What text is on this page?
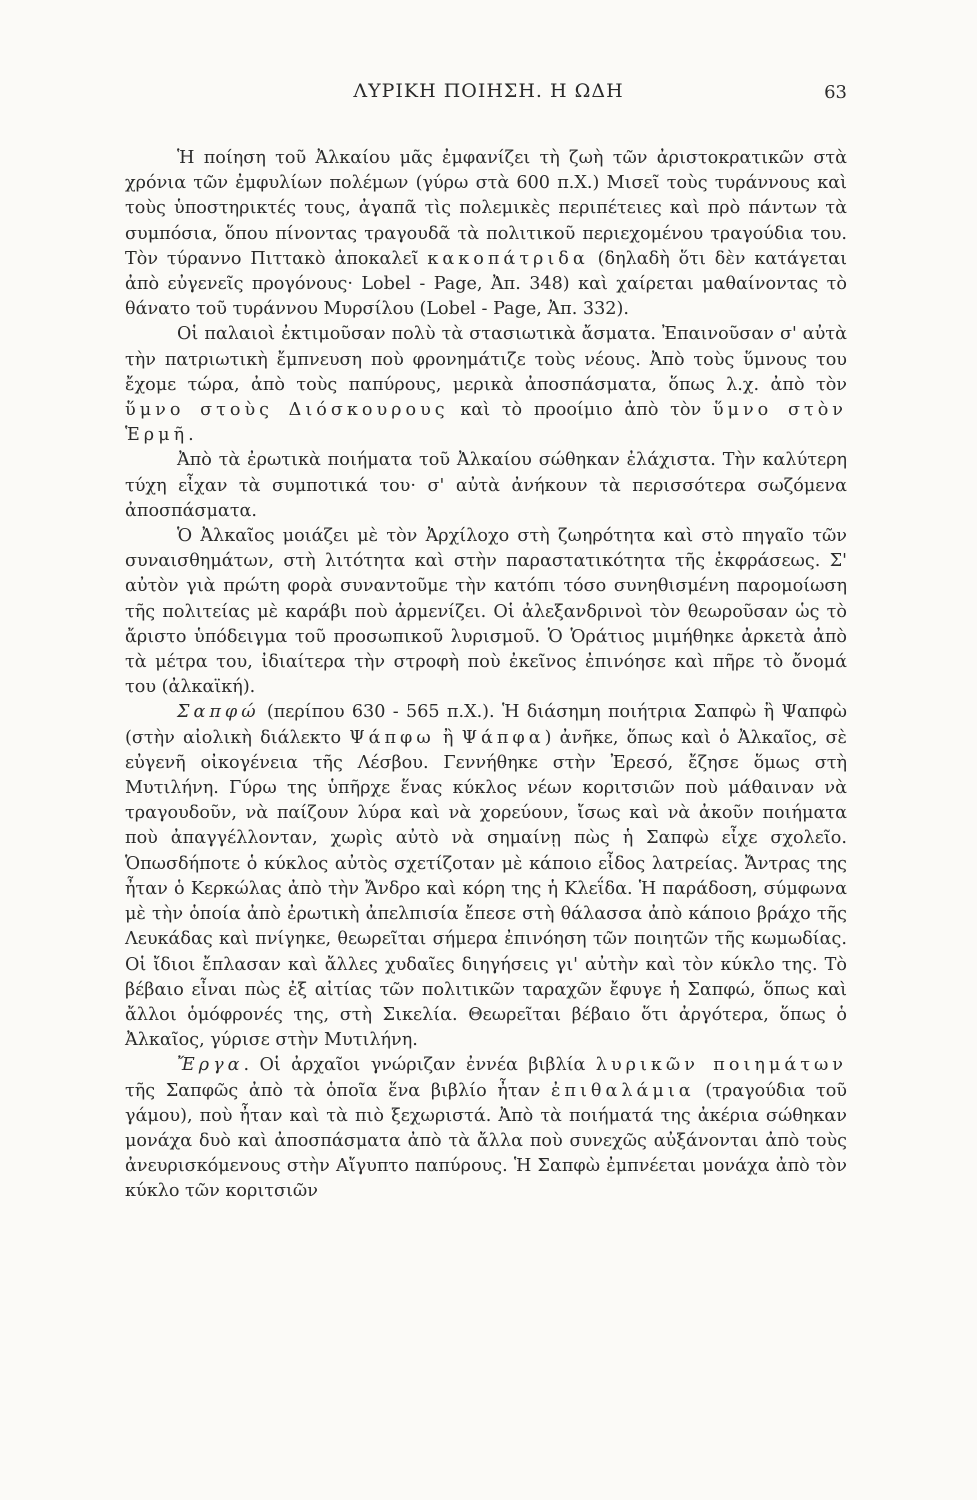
ΛΥΡΙΚΗ ΠΟΙΗΣΗ. Η ΩΔΗ	63

Ἡ ποίηση τοῦ Ἀλκαίου μᾶς ἐμφανίζει τὴ ζωὴ τῶν ἀριστοκρατικῶν στὰ χρόνια τῶν ἐμφυλίων πολέμων (γύρω στὰ 600 π.Χ.) Μισεῖ τοὺς τυράννους καὶ τοὺς ὑποστηρικτές τους, ἀγαπᾶ τὶς πολεμικὲς περιπέτειες καὶ πρὸ πάντων τὰ συμπόσια, ὅπου πίνοντας τραγουδᾶ τὰ πολιτικοῦ περιεχομένου τραγούδια του. Τὸν τύραννο Πιττακὸ ἀποκαλεῖ κακοπάτριδα (δηλαδὴ ὅτι δὲν κατάγεται ἀπὸ εὐγενεῖς προγόνους· Lobel - Page, Ἀπ. 348) καὶ χαίρεται μαθαίνοντας τὸ θάνατο τοῦ τυράννου Μυρσίλου (Lobel - Page, Ἀπ. 332).

Οἱ παλαιοὶ ἐκτιμοῦσαν πολὺ τὰ στασιωτικὰ ἄσματα. Ἐπαινοῦσαν σ' αὐτὰ τὴν πατριωτικὴ ἔμπνευση ποὺ φρονημάτιζε τοὺς νέους. Ἀπὸ τοὺς ὕμνους του ἔχομε τώρα, ἀπὸ τοὺς παπύρους, μερικὰ ἀποσπάσματα, ὅπως λ.χ. ἀπὸ τὸν ὕμνο στοὺς Διόσκουρους καὶ τὸ προοίμιο ἀπὸ τὸν ὕμνο στὸν Ἑρμῆ.

Ἀπὸ τὰ ἐρωτικὰ ποιήματα τοῦ Ἀλκαίου σώθηκαν ἐλάχιστα. Τὴν καλύτερη τύχη εἶχαν τὰ συμποτικά του· σ' αὐτὰ ἀνήκουν τὰ περισσότερα σωζόμενα ἀποσπάσματα.

Ὁ Ἀλκαῖος μοιάζει μὲ τὸν Ἀρχίλοχο στὴ ζωηρότητα καὶ στὸ πηγαῖο τῶν συναισθημάτων, στὴ λιτότητα καὶ στὴν παραστατικότητα τῆς ἐκφράσεως. Σ' αὐτὸν γιὰ πρώτη φορὰ συναντοῦμε τὴν κατόπι τόσο συνηθισμένη παρομοίωση τῆς πολιτείας μὲ καράβι ποὺ ἀρμενίζει. Οἱ ἀλεξανδρινοὶ τὸν θεωροῦσαν ὡς τὸ ἄριστο ὑπόδειγμα τοῦ προσωπικοῦ λυρισμοῦ. Ὁ Ὁράτιος μιμήθηκε ἀρκετὰ ἀπὸ τὰ μέτρα του, ἰδιαίτερα τὴν στροφὴ ποὺ ἐκεῖνος ἐπινόησε καὶ πῆρε τὸ ὄνομά του (ἀλκαϊκή).

Σαπφώ (περίπου 630 - 565 π.Χ.). Ἡ διάσημη ποιήτρια Σαπφὼ ἢ Ψαπφὼ (στὴν αἰολικὴ διάλεκτο Ψάπφω ἢ Ψάπφα) ἀνῆκε, ὅπως καὶ ὁ Ἀλκαῖος, σὲ εὐγενῆ οἰκογένεια τῆς Λέσβου. Γεννήθηκε στὴν Ἐρεσό, ἔζησε ὅμως στὴ Μυτιλήνη. Γύρω της ὑπῆρχε ἕνας κύκλος νέων κοριτσιῶν ποὺ μάθαιναν νὰ τραγουδοῦν, νὰ παίζουν λύρα καὶ νὰ χορεύουν, ἴσως καὶ νὰ ἀκοῦν ποιήματα ποὺ ἀπαγγέλλονταν, χωρὶς αὐτὸ νὰ σημαίνῃ πὼς ἡ Σαπφὼ εἶχε σχολεῖο. Ὁπωσδήποτε ὁ κύκλος αὐτὸς σχετίζοταν μὲ κάποιο εἶδος λατρείας. Ἄντρας της ἦταν ὁ Κερκώλας ἀπὸ τὴν Ἄνδρο καὶ κόρη της ἡ Κλεΐδα. Ἡ παράδοση, σύμφωνα μὲ τὴν ὁποία ἀπὸ ἐρωτικὴ ἀπελπισία ἔπεσε στὴ θάλασσα ἀπὸ κάποιο βράχο τῆς Λευκάδας καὶ πνίγηκε, θεωρεῖται σήμερα ἐπινόηση τῶν ποιητῶν τῆς κωμωδίας. Οἱ ἴδιοι ἔπλασαν καὶ ἄλλες χυδαῖες διηγήσεις γι' αὐτὴν καὶ τὸν κύκλο της. Τὸ βέβαιο εἶναι πὼς ἐξ αἰτίας τῶν πολιτικῶν ταραχῶν ἔφυγε ἡ Σαπφώ, ὅπως καὶ ἄλλοι ὁμόφρονές της, στὴ Σικελία. Θεωρεῖται βέβαιο ὅτι ἀργότερα, ὅπως ὁ Ἀλκαῖος, γύρισε στὴν Μυτιλήνη.

Ἔργα. Οἱ ἀρχαῖοι γνώριζαν ἐννέα βιβλία λυρικῶν ποιημάτων τῆς Σαπφῶς ἀπὸ τὰ ὁποῖα ἕνα βιβλίο ἦταν ἐπιθαλάμια (τραγούδια τοῦ γάμου), ποὺ ἦταν καὶ τὰ πιὸ ξεχωριστά. Ἀπὸ τὰ ποιήματά της ἀκέρια σώθηκαν μονάχα δυὸ καὶ ἀποσπάσματα ἀπὸ τὰ ἄλλα ποὺ συνεχῶς αὐξάνονται ἀπὸ τοὺς ἀνευρισκόμενους στὴν Αἴγυπτο παπύρους. Ἡ Σαπφὼ ἐμπνέεται μονάχα ἀπὸ τὸν κύκλο τῶν κοριτσιῶν
